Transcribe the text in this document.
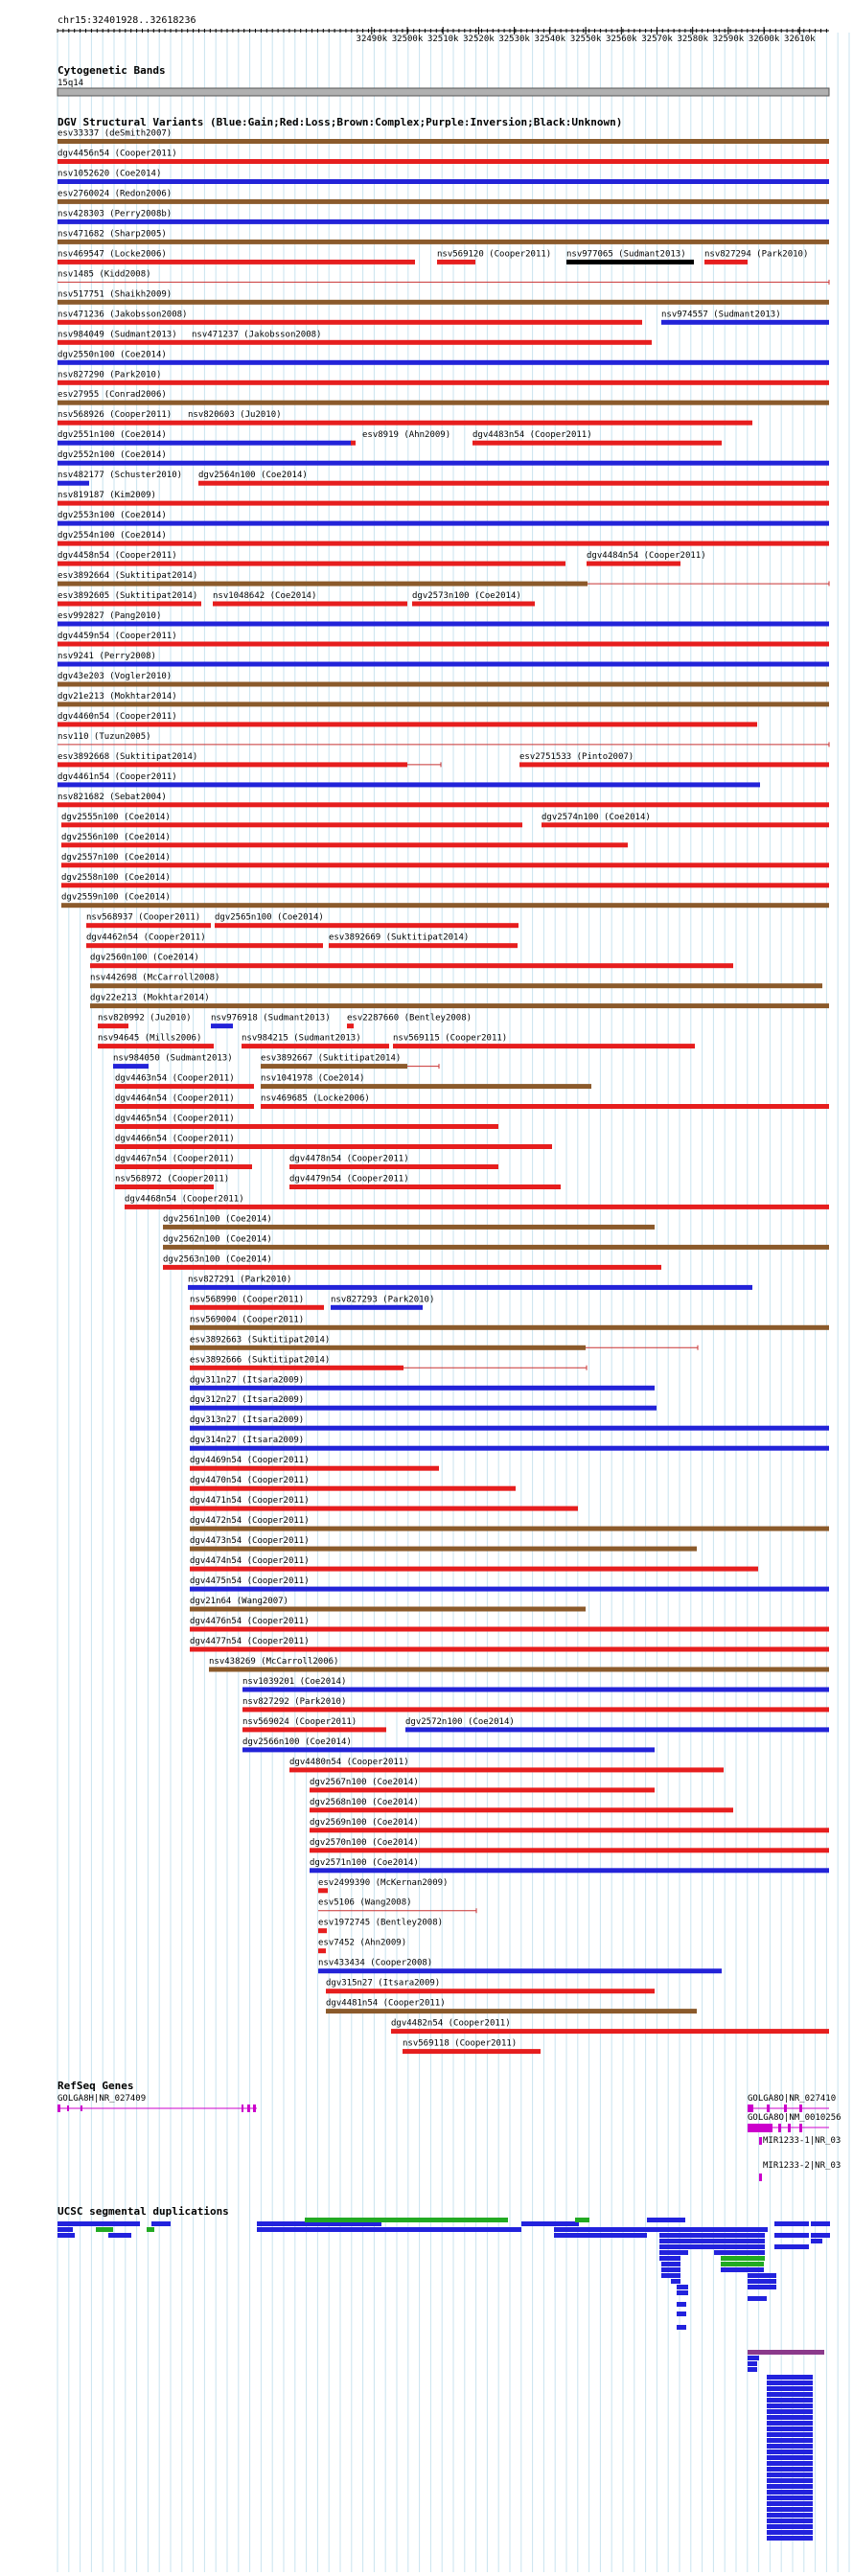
chr15:32401928..32618236
32490k 32500k 32510k 32520k 32530k 32540k 32550k 32560k 32570k 32580k 32590k 32600k 32610k
Cytogenetic Bands
15q14
DGV Structural Variants (Blue:Gain;Red:Loss;Brown:Complex;Purple:Inversion;Black:Unknown)
esv33337 (deSmith2007)
dgv4456n54 (Cooper2011)
nsv1052620 (Coe2014)
esv2760024 (Redon2006)
nsv428303 (Perry2008b)
nsv471682 (Sharp2005)
nsv469547 (Locke2006)	nsv569120 (Cooper2011) nsv977065 (Sudmant2013) nsv827294 (Park2010)
nsv1485 (Kidd2008)
nsv517751 (Shaikh2009)
nsv471236 (Jakobsson2008)	nsv974557 (Sudmant2013)
nsv984049 (Sudmant2013) nsv471237 (Jakobsson2008)
dgv2550n100 (Coe2014)
nsv827290 (Park2010)
esv27955 (Conrad2006)
nsv568926 (Cooper2011) nsv820603 (Ju2010)
dgv2551n100 (Coe2014)	esv8919 (Ahn2009)	dgv4483n54 (Cooper2011)
dgv2552n100 (Coe2014)
nsv482177 (Schuster2010) dgv2564n100 (Coe2014)
nsv819187 (Kim2009)
dgv2553n100 (Coe2014)
dgv2554n100 (Coe2014)
dgv4458n54 (Cooper2011)	dgv4484n54 (Cooper2011)
esv3892664 (Suktitipat2014)
esv3892605 (Suktitipat2014) nsv1048642 (Coe2014)	dgv2573n100 (Coe2014)
esv992827 (Pang2010)
dgv4459n54 (Cooper2011)
nsv9241 (Perry2008)
dgv43e203 (Vogler2010)
dgv21e213 (Mokhtar2014)
dgv4460n54 (Cooper2011)
nsv110 (Tuzun2005)
esv3892668 (Suktitipat2014)	esv2751533 (Pinto2007)
dgv4461n54 (Cooper2011)
nsv821682 (Sebat2004)
dgv2555n100 (Coe2014)	dgv2574n100 (Coe2014)
dgv2556n100 (Coe2014)
dgv2557n100 (Coe2014)
dgv2558n100 (Coe2014)
dgv2559n100 (Coe2014)
nsv568937 (Cooper2011) dgv2565n100 (Coe2014)
dgv4462n54 (Cooper2011)	esv3892669 (Suktitipat2014)
dgv2560n100 (Coe2014)
nsv442698 (McCarroll2008)
dgv22e213 (Mokhtar2014)
nsv820992 (Ju2010) nsv976918 (Sudmant2013) esv2287660 (Bentley2008)
nsv94645 (Mills2006)	nsv984215 (Sudmant2013)	nsv569115 (Cooper2011)
nsv984050 (Sudmant2013)	esv3892667 (Suktitipat2014)
dgv4463n54 (Cooper2011)	nsv1041978 (Coe2014)
dgv4464n54 (Cooper2011)	nsv469685 (Locke2006)
dgv4465n54 (Cooper2011)
dgv4466n54 (Cooper2011)
dgv4467n54 (Cooper2011)	dgv4478n54 (Cooper2011)
nsv568972 (Cooper2011)	dgv4479n54 (Cooper2011)
dgv4468n54 (Cooper2011)
dgv2561n100 (Coe2014)
dgv2562n100 (Coe2014)
dgv2563n100 (Coe2014)
nsv827291 (Park2010)
nsv568990 (Cooper2011)	nsv827293 (Park2010)
nsv569004 (Cooper2011)
esv3892663 (Suktitipat2014)
esv3892666 (Suktitipat2014)
dgv311n27 (Itsara2009)
dgv312n27 (Itsara2009)
dgv313n27 (Itsara2009)
dgv314n27 (Itsara2009)
dgv4469n54 (Cooper2011)
dgv4470n54 (Cooper2011)
dgv4471n54 (Cooper2011)
dgv4472n54 (Cooper2011)
dgv4473n54 (Cooper2011)
dgv4474n54 (Cooper2011)
dgv4475n54 (Cooper2011)
dgv21n64 (Wang2007)
dgv4476n54 (Cooper2011)
dgv4477n54 (Cooper2011)
nsv438269 (McCarroll2006)
nsv1039201 (Coe2014)
nsv827292 (Park2010)
nsv569024 (Cooper2011)	dgv2572n100 (Coe2014)
dgv2566n100 (Coe2014)
dgv4480n54 (Cooper2011)
dgv2567n100 (Coe2014)
dgv2568n100 (Coe2014)
dgv2569n100 (Coe2014)
dgv2570n100 (Coe2014)
dgv2571n100 (Coe2014)
esv2499390 (McKernan2009)
esv5106 (Wang2008)
esv1972745 (Bentley2008)
esv7452 (Ahn2009)
nsv433434 (Cooper2008)
dgv315n27 (Itsara2009)
dgv4481n54 (Cooper2011)
dgv4482n54 (Cooper2011)
nsv569118 (Cooper2011)
RefSeq Genes
GOLGA8H|NR_027409	GOLGA8O|NR_027410
GOLGA8O|NM_0010256
MIR1233-1|NR_03
MIR1233-2|NR_03
UCSC segmental duplications
